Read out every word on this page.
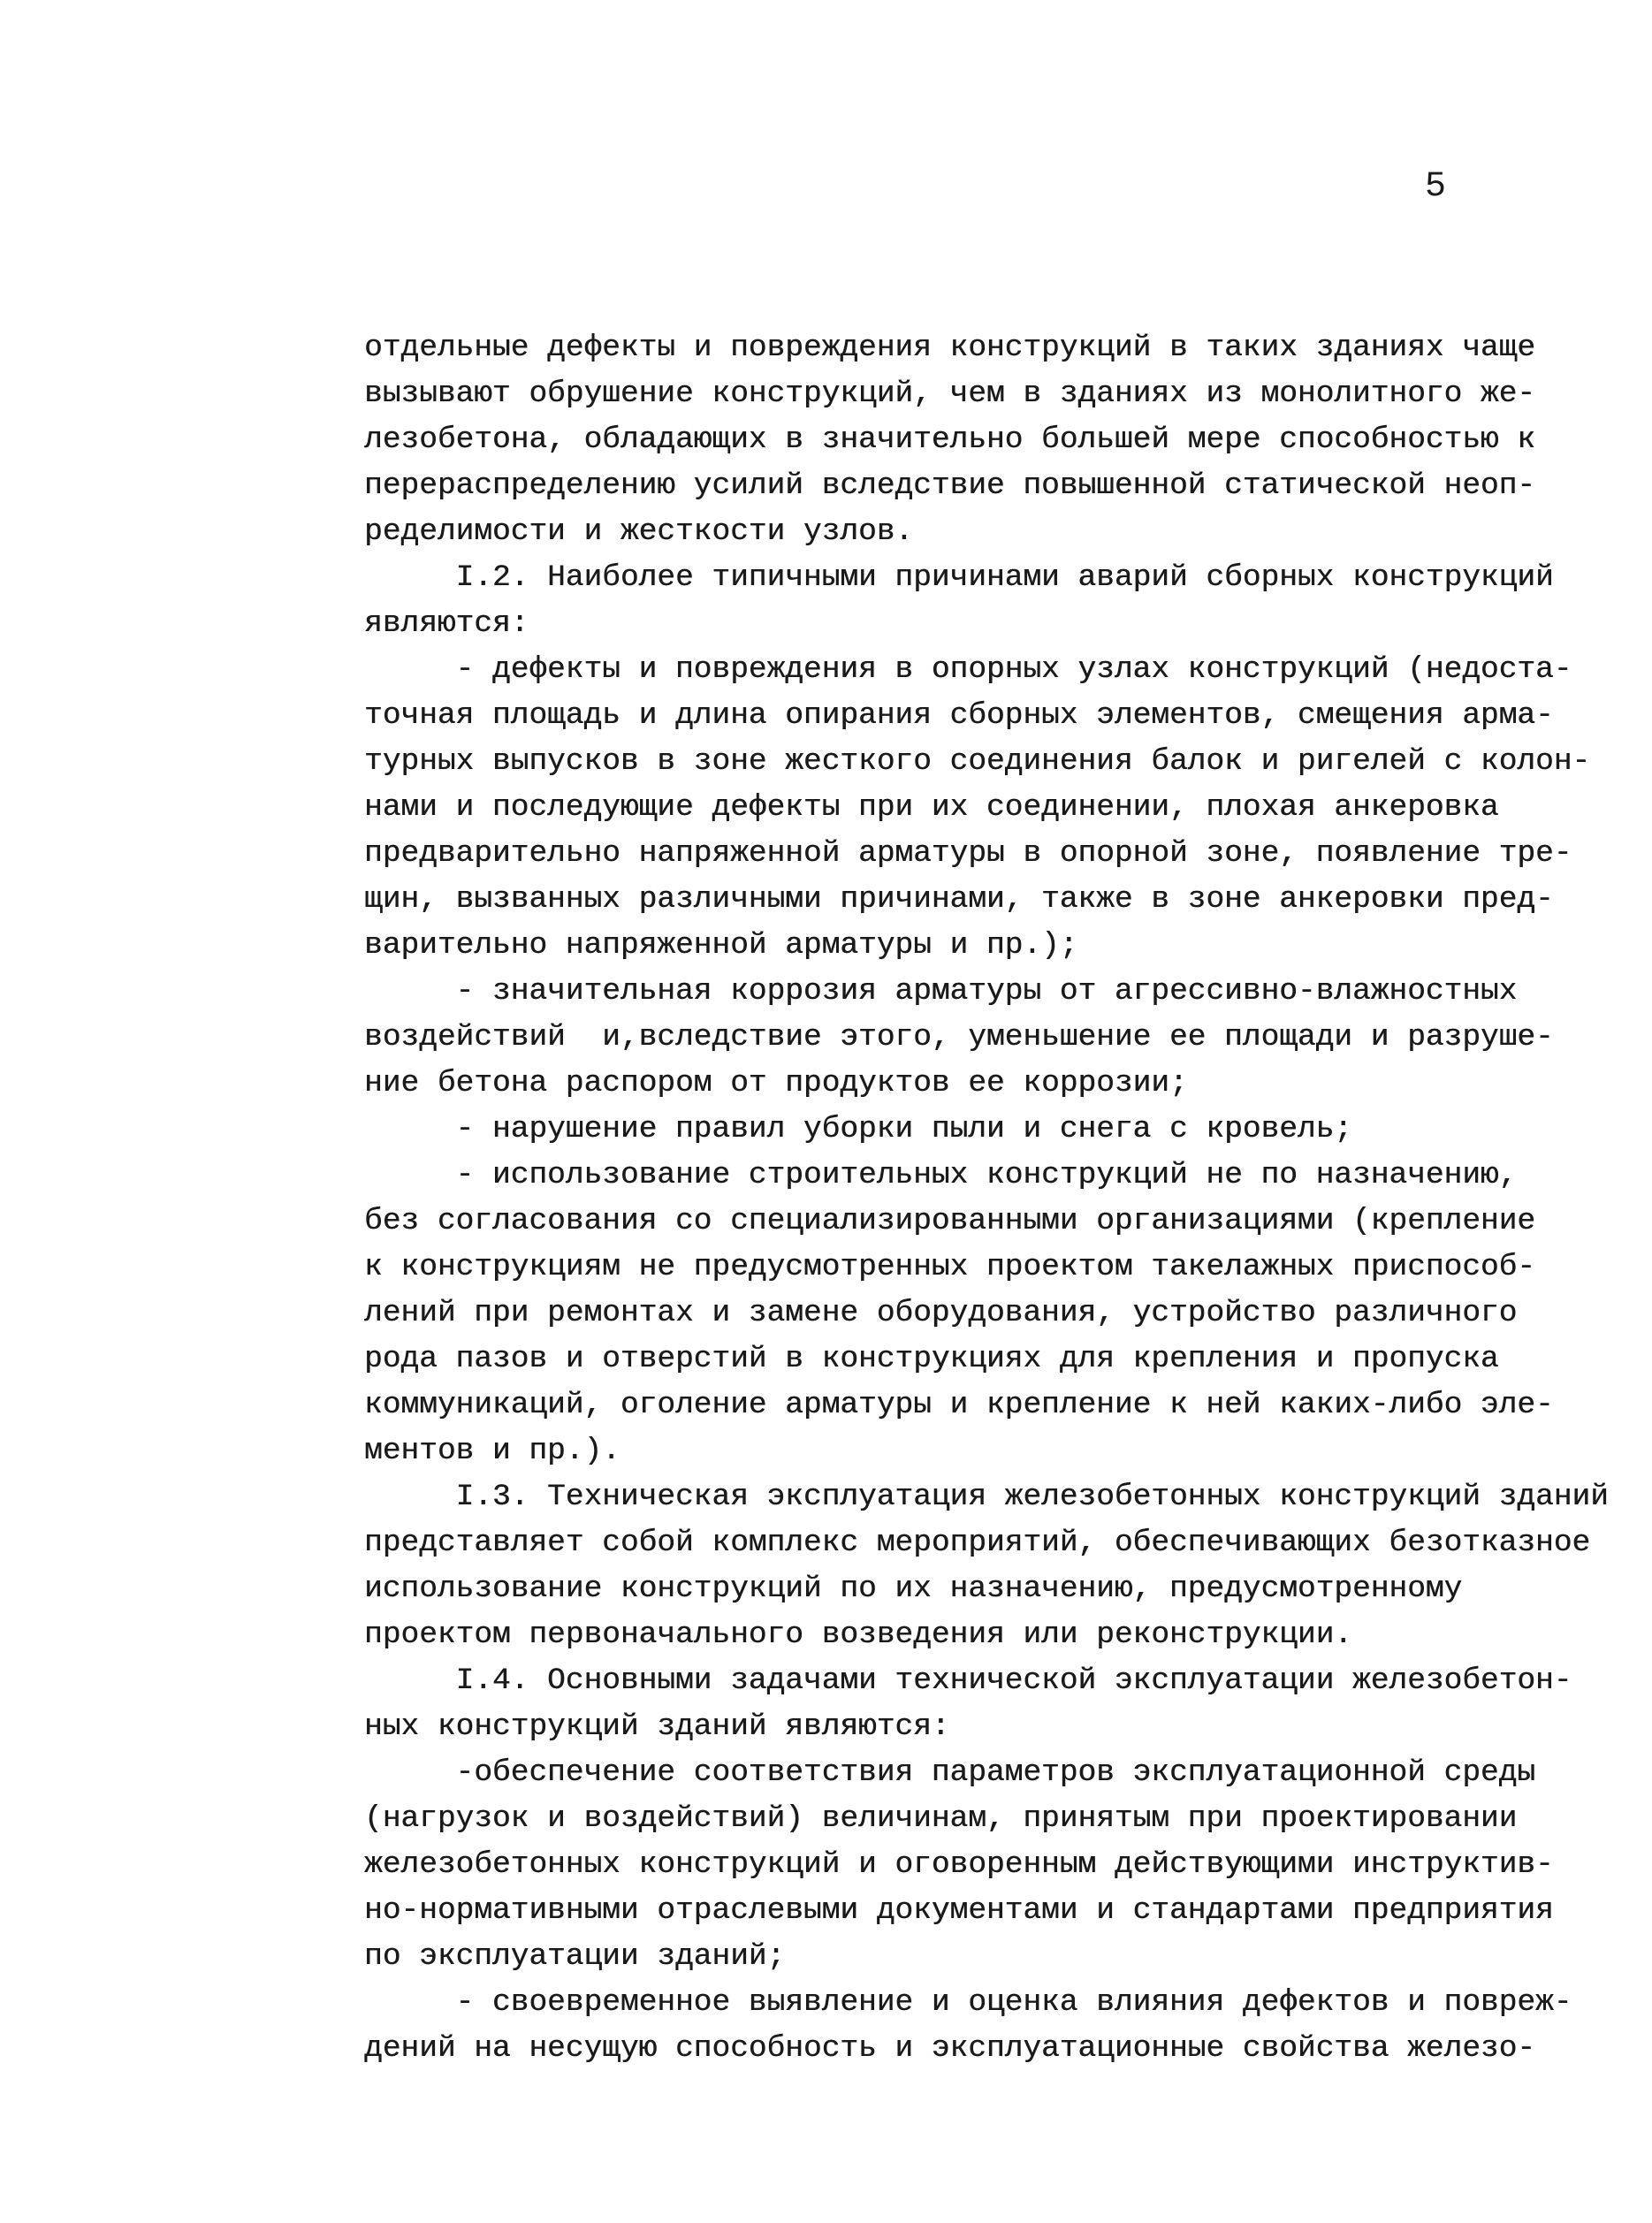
5
отдельные дефекты и повреждения конструкций в таких зданиях чаще
вызывают обрушение конструкций, чем в зданиях из монолитного же-
лезобетона, обладающих в значительно большей мере способностью к
перераспределению усилий вследствие повышенной статической неоп-
ределимости и жесткости узлов.
I.2. Наиболее типичными причинами аварий сборных конструкций
являются:
- дефекты и повреждения в опорных узлах конструкций (недоста-
точная площадь и длина опирания сборных элементов, смещения арма-
турных выпусков в зоне жесткого соединения балок и ригелей с колон-
нами и последующие дефекты при их соединении, плохая анкеровка
предварительно напряженной арматуры в опорной зоне, появление тре-
щин, вызванных различными причинами, также в зоне анкеровки пред-
варительно напряженной арматуры и пр.);
- значительная коррозия арматуры от агрессивно-влажностных
воздействий  и,вследствие этого, уменьшение ее площади и разруше-
ние бетона распором от продуктов ее коррозии;
- нарушение правил уборки пыли и снега с кровель;
- использование строительных конструкций не по назначению,
без согласования со специализированными организациями (крепление
к конструкциям не предусмотренных проектом такелажных приспособ-
лений при ремонтах и замене оборудования, устройство различного
рода пазов и отверстий в конструкциях для крепления и пропуска
коммуникаций, оголение арматуры и крепление к ней каких-либо эле-
ментов и пр.).
I.3. Техническая эксплуатация железобетонных конструкций зданий
представляет собой комплекс мероприятий, обеспечивающих безотказное
использование конструкций по их назначению, предусмотренному
проектом первоначального возведения или реконструкции.
I.4. Основными задачами технической эксплуатации железобетон-
ных конструкций зданий являются:
-обеспечение соответствия параметров эксплуатационной среды
(нагрузок и воздействий) величинам, принятым при проектировании
железобетонных конструкций и оговоренным действующими инструктив-
но-нормативными отраслевыми документами и стандартами предприятия
по эксплуатации зданий;
- своевременное выявление и оценка влияния дефектов и повреж-
дений на несущую способность и эксплуатационные свойства железо-
